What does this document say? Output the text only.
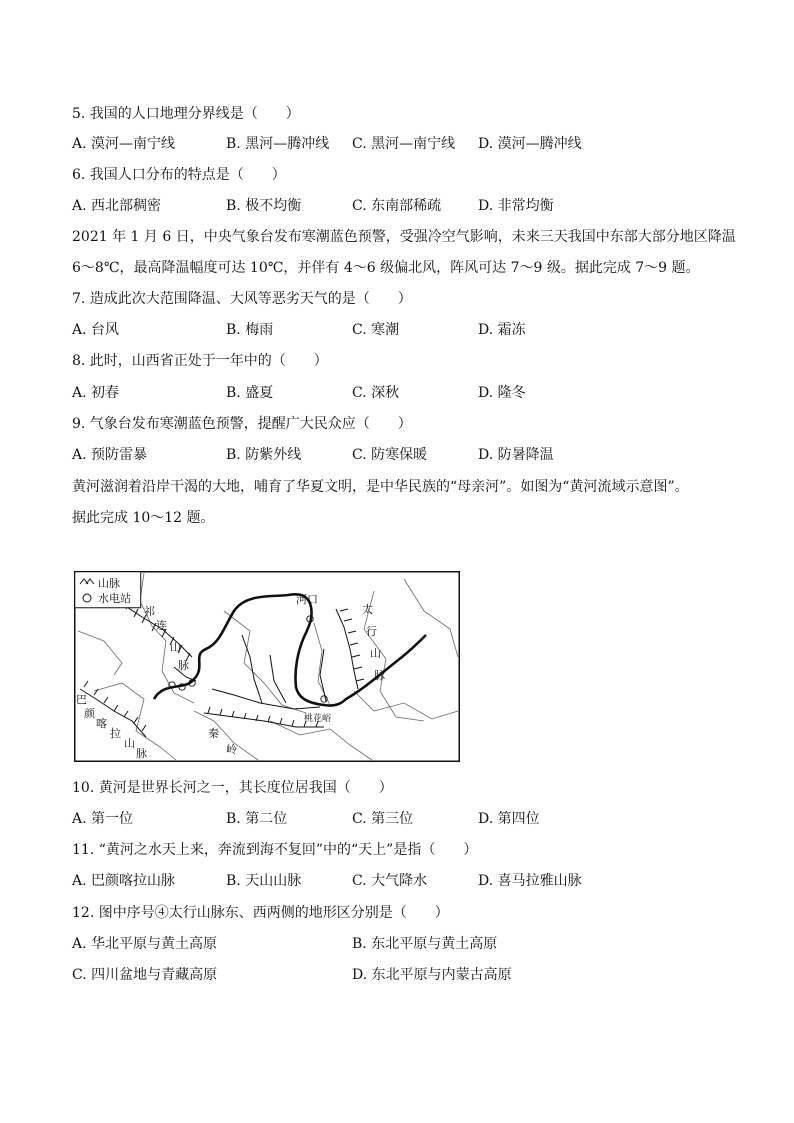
5. 我国的人口地理分界线是（　　）
A. 漠河—南宁线	B. 黑河—腾冲线 C. 黑河—南宁线 D. 漠河—腾冲线
6. 我国人口分布的特点是（　　）
A. 西北部稠密	B. 极不均衡	C. 东南部稀疏	D. 非常均衡
2021 年 1 月 6 日，中央气象台发布寒潮蓝色预警，受强冷空气影响，未来三天我国中东部大部分地区降温
6～8℃，最高降温幅度可达 10℃，并伴有 4～6 级偏北风，阵风可达 7～9 级。据此完成 7～9 题。
7. 造成此次大范围降温、大风等恶劣天气的是（　　）
A. 台风	B. 梅雨	C. 寒潮	D. 霜冻
8. 此时，山西省正处于一年中的（　　）
A. 初春	B. 盛夏	C. 深秋	D. 隆冬
9. 气象台发布寒潮蓝色预警，提醒广大民众应（　　）
A. 预防雷暴	B. 防紫外线	C. 防寒保暖	D. 防暑降温
黄河滋润着沿岸干渴的大地，哺育了华夏文明，是中华民族的“母亲河”。如图为“黄河流域示意图”。
据此完成 10～12 题。
山脉
水电站	河口
太
行
山
脉
祁
连
山
脉
巴
颜
喀
拉
山
脉
秦
岭
桃花峪
10. 黄河是世界长河之一，其长度位居我国（　　）
A. 第一位	B. 第二位	C. 第三位	D. 第四位
11. “黄河之水天上来，奔流到海不复回”中的“天上”是指（　　）
A. 巴颜喀拉山脉	B. 天山山脉	C. 大气降水	D. 喜马拉雅山脉
12. 图中序号④太行山脉东、西两侧的地形区分别是（　　）
A. 华北平原与黄土高原	B. 东北平原与黄土高原
C. 四川盆地与青藏高原	D. 东北平原与内蒙古高原
